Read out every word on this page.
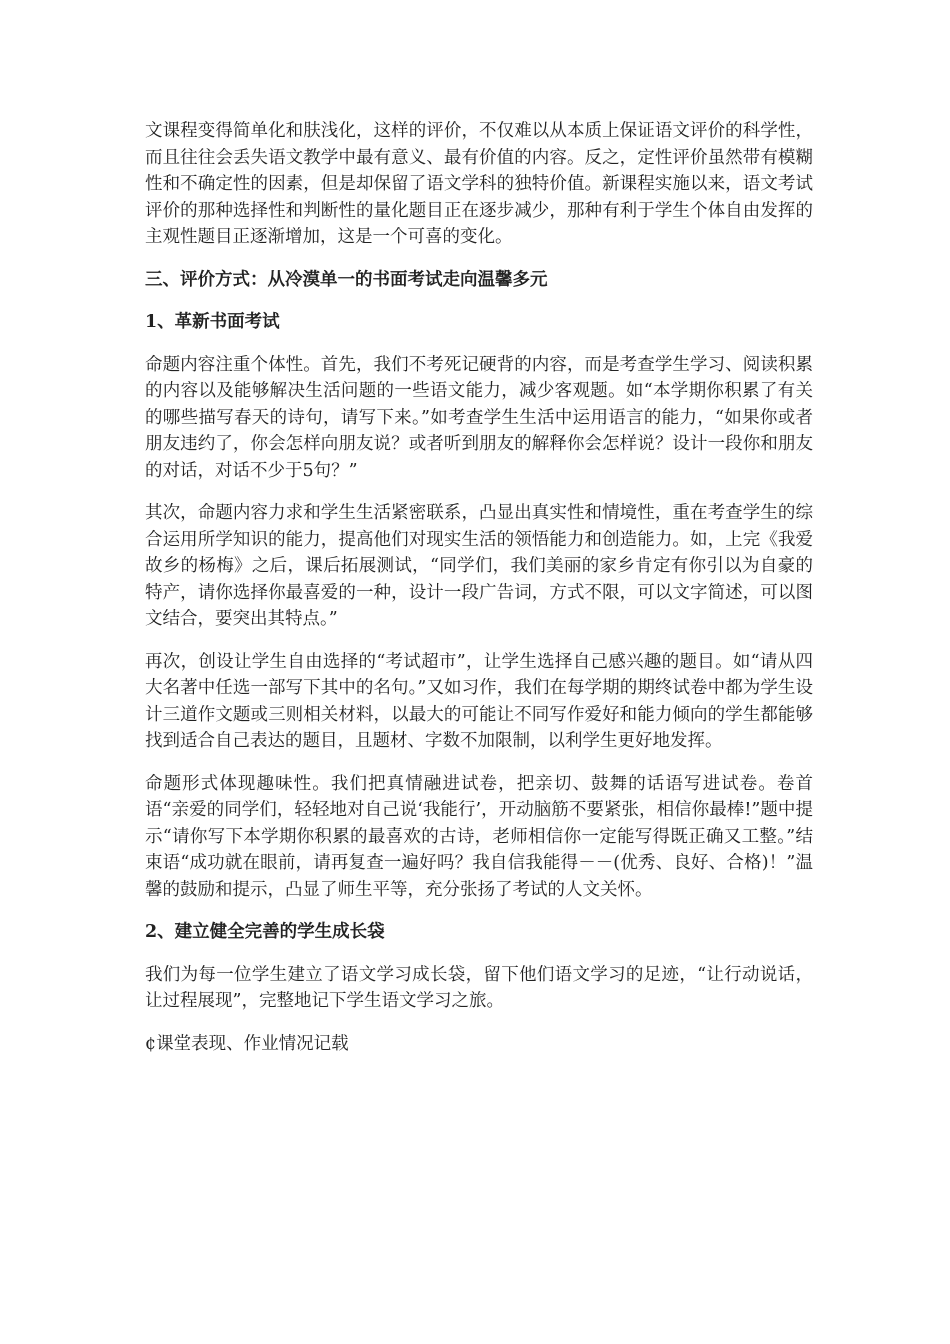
文课程变得简单化和肤浅化，这样的评价，不仅难以从本质上保证语文评价的科学性，而且往往会丢失语文教学中最有意义、最有价值的内容。反之，定性评价虽然带有模糊性和不确定性的因素，但是却保留了语文学科的独特价值。新课程实施以来，语文考试评价的那种选择性和判断性的量化题目正在逐步减少，那种有利于学生个体自由发挥的主观性题目正逐渐增加，这是一个可喜的变化。

三、评价方式：从冷漠单一的书面考试走向温馨多元

1、革新书面考试

命题内容注重个体性。首先，我们不考死记硬背的内容，而是考查学生学习、阅读积累的内容以及能够解决生活问题的一些语文能力，减少客观题。如“本学期你积累了有关的哪些描写春天的诗句，请写下来。”如考查学生生活中运用语言的能力，“如果你或者朋友违约了，你会怎样向朋友说？或者听到朋友的解释你会怎样说？设计一段你和朋友的对话，对话不少于5句？”

其次，命题内容力求和学生生活紧密联系，凸显出真实性和情境性，重在考查学生的综合运用所学知识的能力，提高他们对现实生活的领悟能力和创造能力。如，上完《我爱故乡的杨梅》之后，课后拓展测试，“同学们，我们美丽的家乡肯定有你引以为自豪的特产，请你选择你最喜爱的一种，设计一段广告词，方式不限，可以文字简述，可以图文结合，要突出其特点。”

再次，创设让学生自由选择的“考试超市”，让学生选择自己感兴趣的题目。如“请从四大名著中任选一部写下其中的名句。”又如习作，我们在每学期的期终试卷中都为学生设计三道作文题或三则相关材料，以最大的可能让不同写作爱好和能力倾向的学生都能够找到适合自己表达的题目，且题材、字数不加限制，以利学生更好地发挥。

命题形式体现趣味性。我们把真情融进试卷，把亲切、鼓舞的话语写进试卷。卷首语“亲爱的同学们，轻轻地对自己说‘我能行’，开动脑筋不要紧张，相信你最棒!”题中提示“请你写下本学期你积累的最喜欢的古诗，老师相信你一定能写得既正确又工整。”结束语“成功就在眼前，请再复查一遍好吗？我自信我能得－－(优秀、良好、合格)！”温馨的鼓励和提示，凸显了师生平等，充分张扬了考试的人文关怀。

2、建立健全完善的学生成长袋

我们为每一位学生建立了语文学习成长袋，留下他们语文学习的足迹，“让行动说话，让过程展现”，完整地记下学生语文学习之旅。

¢课堂表现、作业情况记载
